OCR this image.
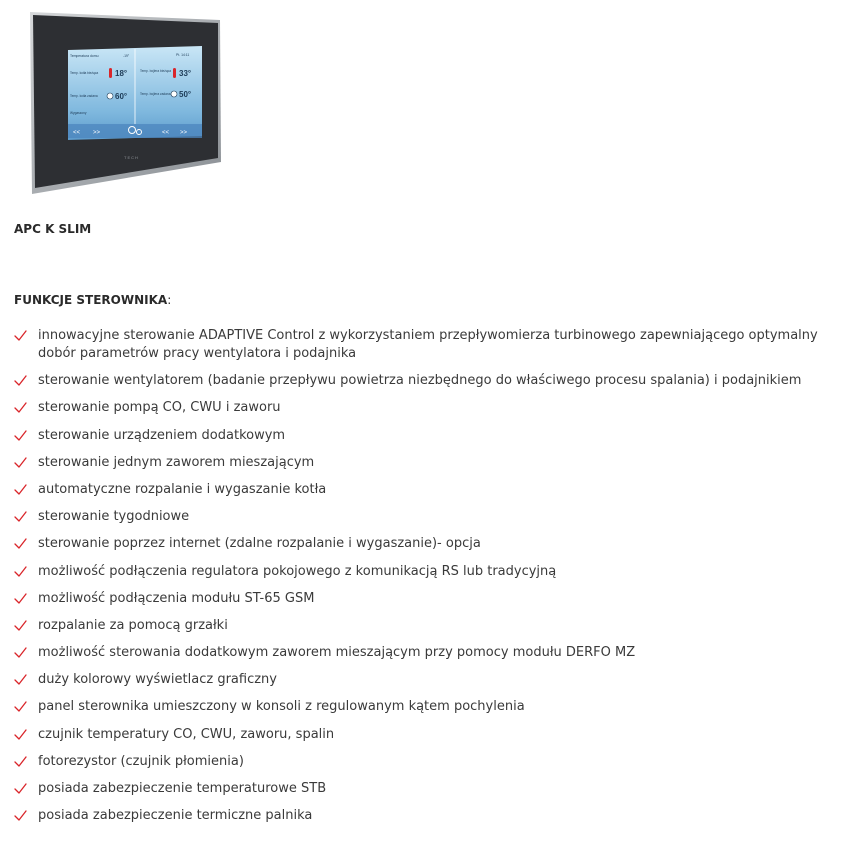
Temperatura domu	-19°	Pt. 14:11
Temp. kotła bieżąca 18°
Temp. kotła zadana 60°
Wygaszony
Temp. bojlera bieżąca 33°
Temp. bojlera zadana 50°
<< >>	<< >>
TECH
APC K SLIM
FUNKCJE STEROWNIKA:
innowacyjne sterowanie ADAPTIVE Control z wykorzystaniem przepływomierza turbinowego zapewniającego optymalny dobór parametrów pracy wentylatora i podajnika
sterowanie wentylatorem (badanie przepływu powietrza niezbędnego do właściwego procesu spalania) i podajnikiem
sterowanie pompą CO, CWU i zaworu
sterowanie urządzeniem dodatkowym
sterowanie jednym zaworem mieszającym
automatyczne rozpalanie i wygaszanie kotła
sterowanie tygodniowe
sterowanie poprzez internet (zdalne rozpalanie i wygaszanie)- opcja
możliwość podłączenia regulatora pokojowego z komunikacją RS lub tradycyjną
możliwość podłączenia modułu ST-65 GSM
rozpalanie za pomocą grzałki
możliwość sterowania dodatkowym zaworem mieszającym przy pomocy modułu DERFO MZ
duży kolorowy wyświetlacz graficzny
panel sterownika umieszczony w konsoli z regulowanym kątem pochylenia
czujnik temperatury CO, CWU, zaworu, spalin
fotorezystor (czujnik płomienia)
posiada zabezpieczenie temperaturowe STB
posiada zabezpieczenie termiczne palnika
